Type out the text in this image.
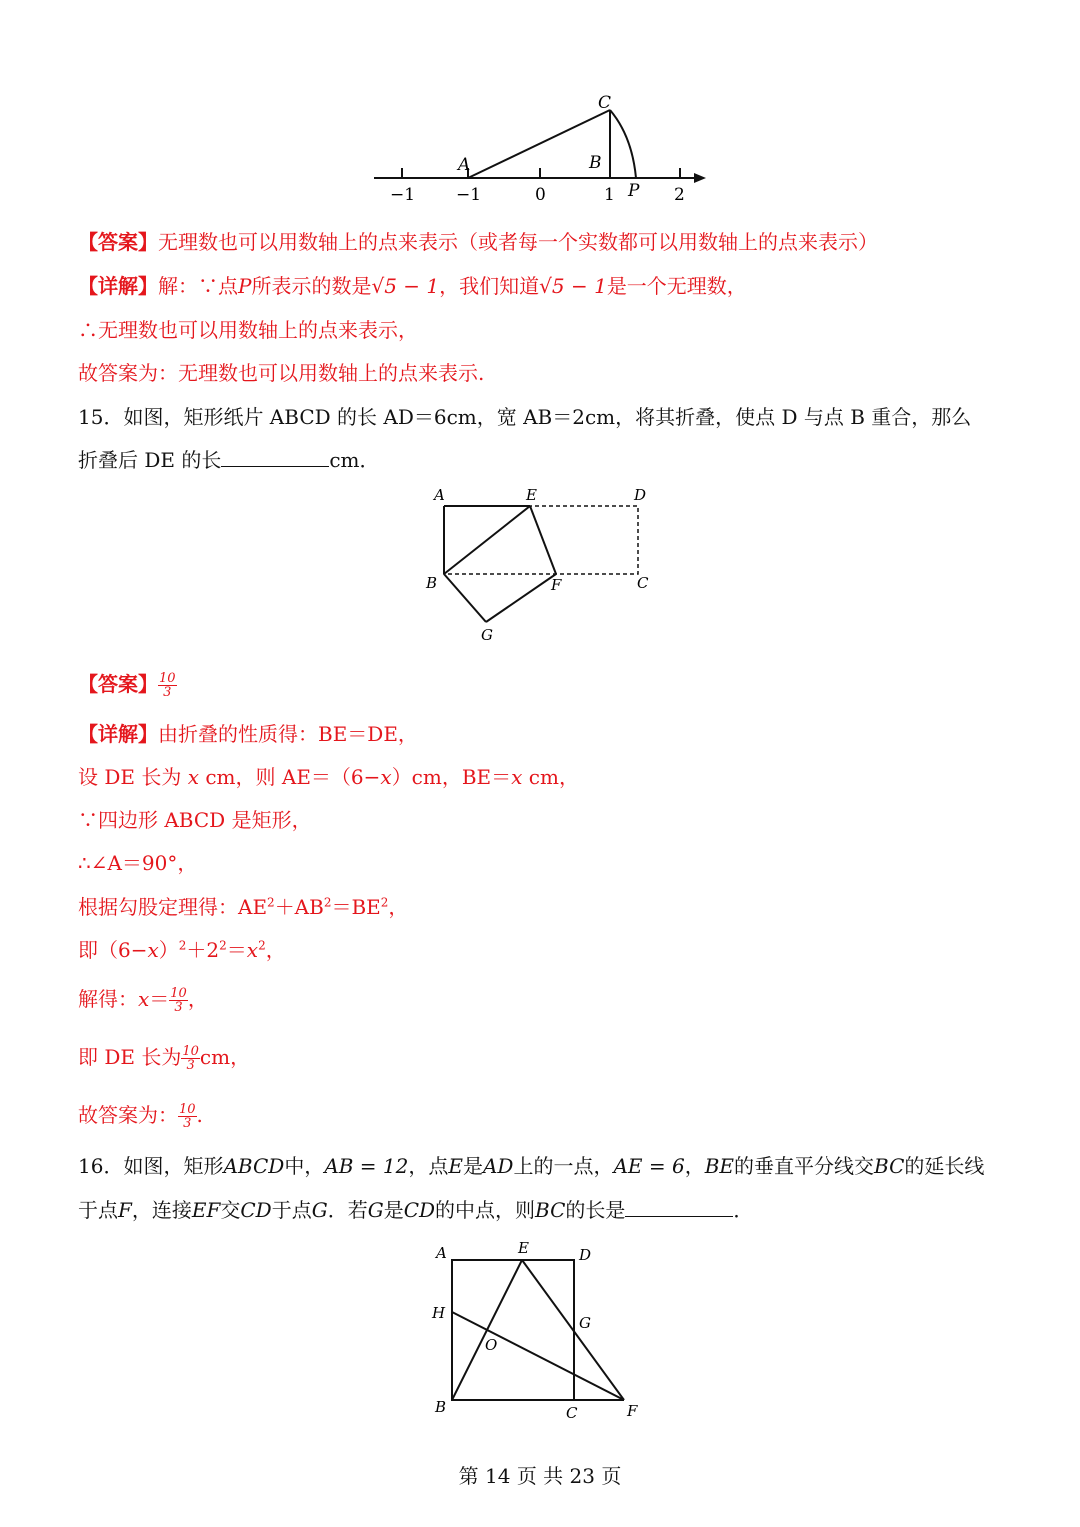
C
A	B
P
−1 −1	0	1	2
【答案】无理数也可以用数轴上的点来表示（或者每一个实数都可以用数轴上的点来表示）
【详解】解：∵点P所表示的数是√5 − 1，我们知道√5 − 1是一个无理数，
∴无理数也可以用数轴上的点来表示，
故答案为：无理数也可以用数轴上的点来表示.
15．如图，矩形纸片 ABCD 的长 AD＝6cm，宽 AB＝2cm，将其折叠，使点 D 与点 B 重合，那么
折叠后 DE 的长	cm．
A	E	D
B	F	C
G
【答案】 $\frac{10}{3}$
【详解】由折叠的性质得：BE＝DE，
设 DE 长为 x cm，则 AE＝（6−x）cm，BE＝x cm，
∵四边形 ABCD 是矩形，
∴∠A＝90°，
根据勾股定理得：$AE^2+AB^2=BE^2$，
即$(6-x)^2+2^2=x^2$，
解得：$x= \frac{10}{3}$ ，
即 DE 长为 $\frac{10}{3}$ cm，
故答案为： $\frac{10}{3}$ .
16．如图，矩形ABCD中，AB = 12，点E是AD上的一点，AE = 6，BE的垂直平分线交BC的延长线
于点F，连接EF交CD于点G．若G是CD的中点，则BC的长是	．
A	E	D
H
G
O
B	C	F
第 14 页 共 23 页
